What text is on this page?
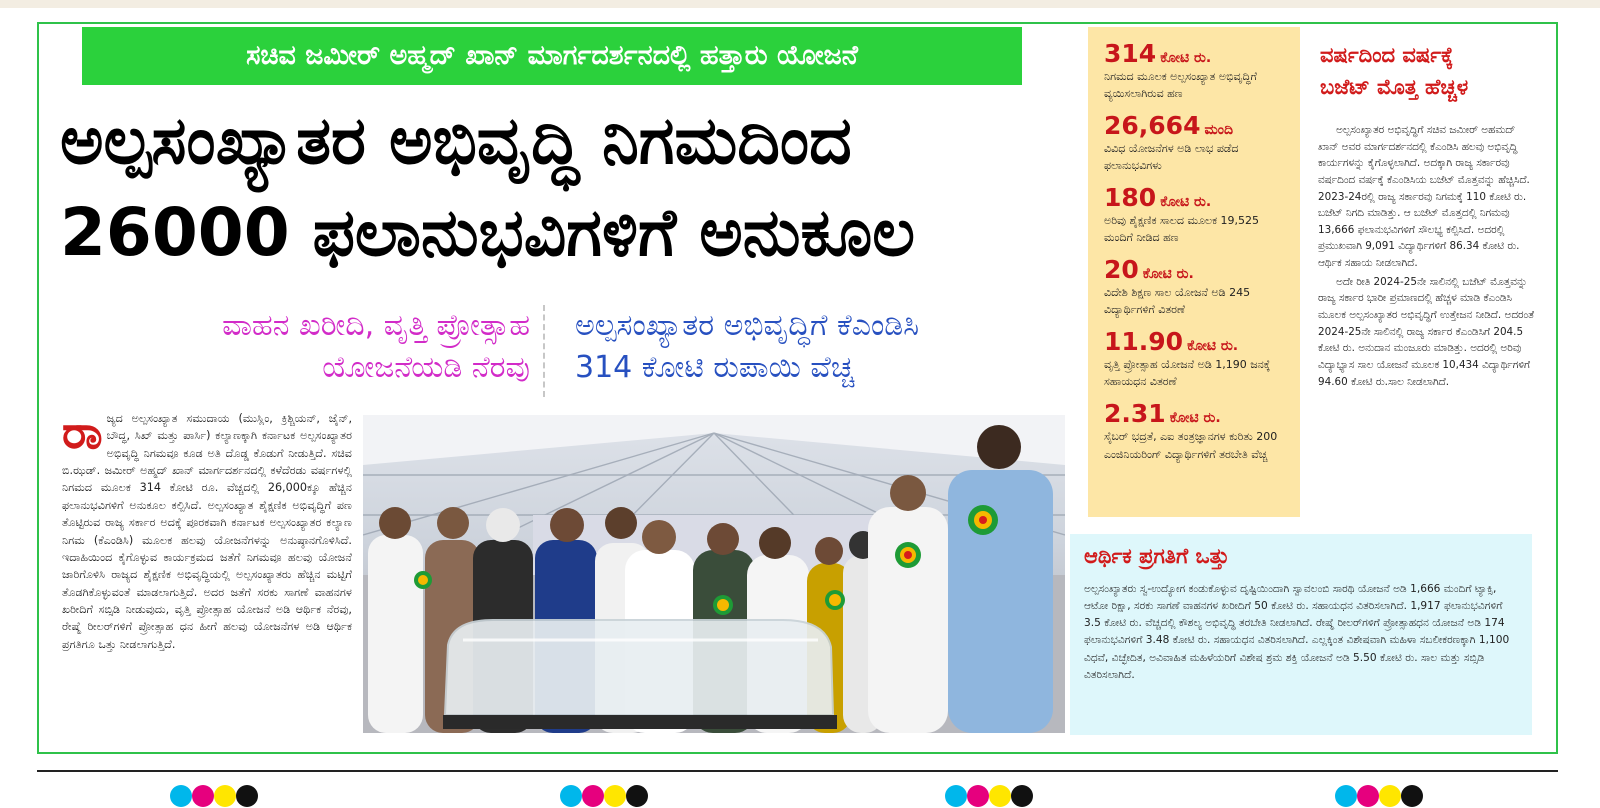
ಸಚಿವ ಜಮೀರ್ ಅಹ್ಮದ್ ಖಾನ್ ಮಾರ್ಗದರ್ಶನದಲ್ಲಿ ಹತ್ತಾರು ಯೋಜನೆ
ಅಲ್ಪಸಂಖ್ಯಾತರ ಅಭಿವೃದ್ಧಿ ನಿಗಮದಿಂದ
26000 ಫಲಾನುಭವಿಗಳಿಗೆ ಅನುಕೂಲ
ವಾಹನ ಖರೀದಿ, ವೃತ್ತಿ ಪ್ರೋತ್ಸಾಹ
ಯೋಜನೆಯಡಿ ನೆರವು
ಅಲ್ಪಸಂಖ್ಯಾತರ ಅಭಿವೃದ್ಧಿಗೆ ಕೆಎಂಡಿಸಿ
314 ಕೋಟಿ ರುಪಾಯಿ ವೆಚ್ಚ
ರಾ ಜ್ಯದ ಅಲ್ಪಸಂಖ್ಯಾತ ಸಮುದಾಯ (ಮುಸ್ಲಿಂ, ಕ್ರಿಶ್ಚಿಯನ್, ಜೈನ್, ಬೌದ್ಧ, ಸಿಖ್ ಮತ್ತು ಪಾರ್ಸಿ) ಕಲ್ಯಾಣಕ್ಕಾಗಿ ಕರ್ನಾಟಕ ಅಲ್ಪಸಂಖ್ಯಾತರ ಅಭಿವೃದ್ಧಿ ನಿಗಮವೂ ಕೂಡ ಅತಿ ದೊಡ್ಡ ಕೊಡುಗೆ ನೀಡುತ್ತಿದೆ. ಸಚಿವ ಬಿ.ಝಡ್. ಜಮೀರ್ ಅಹ್ಮದ್ ಖಾನ್ ಮಾರ್ಗದರ್ಶನದಲ್ಲಿ ಕಳೆದೆರಡು ವರ್ಷಗಳಲ್ಲಿ ನಿಗಮದ ಮೂಲಕ 314 ಕೋಟಿ ರೂ. ವೆಚ್ಚದಲ್ಲಿ 26,000ಕ್ಕೂ ಹೆಚ್ಚಿನ ಫಲಾನುಭವಿಗಳಿಗೆ ಅನುಕೂಲ ಕಲ್ಪಿಸಿದೆ. ಅಲ್ಪಸಂಖ್ಯಾತ ಶೈಕ್ಷಣಿಕ ಅಭಿವೃದ್ಧಿಗೆ ಪಣ ತೊಟ್ಟಿರುವ ರಾಜ್ಯ ಸರ್ಕಾರ ಅದಕ್ಕೆ ಪೂರಕವಾಗಿ ಕರ್ನಾಟಕ ಅಲ್ಪಸಂಖ್ಯಾತರ ಕಲ್ಯಾಣ ನಿಗಮ (ಕೆಎಂಡಿಸಿ) ಮೂಲಕ ಹಲವು ಯೋಜನೆಗಳನ್ನು ಅನುಷ್ಠಾನಗೊಳಿಸಿದೆ. ಇದಾಹಿಯಿಂದ ಕೈಗೊಳ್ಳುವ ಕಾರ್ಯಕ್ರಮದ ಜತೆಗೆ ನಿಗಮವೂ ಹಲವು ಯೋಜನೆ ಜಾರಿಗೊಳಿಸಿ ರಾಜ್ಯದ ಶೈಕ್ಷಣಿಕ ಅಭಿವೃದ್ಧಿಯಲ್ಲಿ ಅಲ್ಪಸಂಖ್ಯಾತರು ಹೆಚ್ಚಿನ ಮಟ್ಟಿಗೆ ತೊಡಗಿಕೊಳ್ಳುವಂತೆ ಮಾಡಲಾಗುತ್ತಿದೆ. ಅದರ ಜತೆಗೆ ಸರಕು ಸಾಗಣೆ ವಾಹನಗಳ ಖರೀದಿಗೆ ಸಬ್ಸಿಡಿ ನೀಡುವುದು, ವೃತ್ತಿ ಪ್ರೋತ್ಸಾಹ ಯೋಜನೆ ಅಡಿ ಆರ್ಥಿಕ ನೆರವು, ರೇಷ್ಮೆ ರೀಲರ್‌ಗಳಿಗೆ ಪ್ರೋತ್ಸಾಹ ಧನ ಹೀಗೆ ಹಲವು ಯೋಜನೆಗಳ ಅಡಿ ಆರ್ಥಿಕ ಪ್ರಗತಿಗೂ ಒತ್ತು ನೀಡಲಾಗುತ್ತಿದೆ.
314 ಕೋಟಿ ರು.
ನಿಗಮದ ಮೂಲಕ ಅಲ್ಪಸಂಖ್ಯಾತ ಅಭಿವೃದ್ಧಿಗೆ ವ್ಯಯಿಸಲಾಗಿರುವ ಹಣ
26,664 ಮಂದಿ
ವಿವಿಧ ಯೋಜನೆಗಳ ಅಡಿ ಲಾಭ ಪಡೆದ ಫಲಾನುಭವಿಗಳು
180 ಕೋಟಿ ರು.
ಅರಿವು ಶೈಕ್ಷಣಿಕ ಸಾಲದ ಮೂಲಕ 19,525 ಮಂದಿಗೆ ನೀಡಿದ ಹಣ
20 ಕೋಟಿ ರು.
ವಿದೇಶಿ ಶಿಕ್ಷಣ ಸಾಲ ಯೋಜನೆ ಅಡಿ 245 ವಿದ್ಯಾರ್ಥಿಗಳಿಗೆ ವಿತರಣೆ
11.90 ಕೋಟಿ ರು.
ವೃತ್ತಿ ಪ್ರೋತ್ಸಾಹ ಯೋಜನೆ ಅಡಿ 1,190 ಜನಕ್ಕೆ ಸಹಾಯಧನ ವಿತರಣೆ
2.31 ಕೋಟಿ ರು.
ಸೈಬರ್ ಭದ್ರತೆ, ಎಐ ತಂತ್ರಜ್ಞಾನಗಳ ಕುರಿತು 200 ಎಂಜಿನಿಯರಿಂಗ್ ವಿದ್ಯಾರ್ಥಿಗಳಿಗೆ ತರಬೇತಿ ವೆಚ್ಚ
ವರ್ಷದಿಂದ ವರ್ಷಕ್ಕೆ
ಬಜೆಟ್ ಮೊತ್ತ ಹೆಚ್ಚಳ

ಅಲ್ಪಸಂಖ್ಯಾತರ ಅಭಿವೃದ್ಧಿಗೆ ಸಚಿವ ಜಮೀರ್ ಅಹಮದ್ ಖಾನ್ ಅವರ ಮಾರ್ಗದರ್ಶನದಲ್ಲಿ ಕೆಎಂಡಿಸಿ ಹಲವು ಅಭಿವೃದ್ಧಿ ಕಾರ್ಯಗಳನ್ನು ಕೈಗೊಳ್ಳಲಾಗಿದೆ. ಅದಕ್ಕಾಗಿ ರಾಜ್ಯ ಸರ್ಕಾರವು ವರ್ಷದಿಂದ ವರ್ಷಕ್ಕೆ ಕೆಎಂಡಿಸಿಯ ಬಜೆಟ್ ಮೊತ್ತವನ್ನು ಹೆಚ್ಚಿಸಿದೆ. 2023-24ರಲ್ಲಿ ರಾಜ್ಯ ಸರ್ಕಾರವು ನಿಗಮಕ್ಕೆ 110 ಕೋಟಿ ರು. ಬಜೆಟ್ ನಿಗದಿ ಮಾಡಿತ್ತು. ಆ ಬಜೆಟ್ ಮೊತ್ತದಲ್ಲಿ ನಿಗಮವು 13,666 ಫಲಾನುಭವಿಗಳಿಗೆ ಸೌಲಭ್ಯ ಕಲ್ಪಿಸಿದೆ. ಅದರಲ್ಲಿ ಪ್ರಮುಖವಾಗಿ 9,091 ವಿದ್ಯಾರ್ಥಿಗಳಿಗೆ 86.34 ಕೋಟಿ ರು. ಆರ್ಥಿಕ ಸಹಾಯ ನೀಡಲಾಗಿದೆ.

ಅದೇ ರೀತಿ 2024-25ನೇ ಸಾಲಿನಲ್ಲಿ ಬಜೆಟ್ ಮೊತ್ತವನ್ನು ರಾಜ್ಯ ಸರ್ಕಾರ ಭಾರೀ ಪ್ರಮಾಣದಲ್ಲಿ ಹೆಚ್ಚಳ ಮಾಡಿ ಕೆಎಂಡಿಸಿ ಮೂಲಕ ಅಲ್ಪಸಂಖ್ಯಾತರ ಅಭಿವೃದ್ಧಿಗೆ ಉತ್ತೇಜನ ನೀಡಿದೆ. ಅದರಂತೆ 2024-25ನೇ ಸಾಲಿನಲ್ಲಿ ರಾಜ್ಯ ಸರ್ಕಾರ ಕೆಎಂಡಿಸಿಗೆ 204.5 ಕೋಟಿ ರು. ಅನುದಾನ ಮಂಜೂರು ಮಾಡಿತ್ತು. ಅದರಲ್ಲಿ ಅರಿವು ವಿದ್ಯಾಭ್ಯಾಸ ಸಾಲ ಯೋಜನೆ ಮೂಲಕ 10,434 ವಿದ್ಯಾರ್ಥಿಗಳಿಗೆ 94.60 ಕೋಟಿ ರು.ಸಾಲ ನೀಡಲಾಗಿದೆ.

ಆರ್ಥಿಕ ಪ್ರಗತಿಗೆ ಒತ್ತು
ಅಲ್ಪಸಂಖ್ಯಾತರು ಸ್ವ-ಉದ್ಯೋಗ ಕಂಡುಕೊಳ್ಳುವ ದೃಷ್ಟಿಯಿಂದಾಗಿ ಸ್ವಾವಲಂಬಿ ಸಾರಥಿ ಯೋಜನೆ ಅಡಿ 1,666 ಮಂದಿಗೆ ಟ್ಯಾಕ್ಸಿ, ಆಟೋ ರಿಕ್ಷಾ, ಸರಕು ಸಾಗಣೆ ವಾಹನಗಳ ಖರೀದಿಗೆ 50 ಕೋಟಿ ರು. ಸಹಾಯಧನ ವಿತರಿಸಲಾಗಿದೆ. 1,917 ಫಲಾನುಭವಿಗಳಿಗೆ 3.5 ಕೋಟಿ ರು. ವೆಚ್ಚದಲ್ಲಿ ಕೌಶಲ್ಯ ಅಭಿವೃದ್ಧಿ ತರಬೇತಿ ನೀಡಲಾಗಿದೆ. ರೇಷ್ಮೆ ರೀಲರ್‌ಗಳಿಗೆ ಪ್ರೋತ್ಸಾಹಧನ ಯೋಜನೆ ಅಡಿ 174 ಫಲಾನುಭವಿಗಳಿಗೆ 3.48 ಕೋಟಿ ರು. ಸಹಾಯಧನ ವಿತರಿಸಲಾಗಿದೆ. ಎಲ್ಲಕ್ಕಿಂತ ವಿಶೇಷವಾಗಿ ಮಹಿಳಾ ಸಬಲೀಕರಣಕ್ಕಾಗಿ 1,100 ವಿಧವೆ, ವಿಚ್ಛೇದಿತ, ಅವಿವಾಹಿತ ಮಹಿಳೆಯರಿಗೆ ವಿಶೇಷ ಶ್ರಮ ಶಕ್ತಿ ಯೋಜನೆ ಅಡಿ 5.50 ಕೋಟಿ ರು. ಸಾಲ ಮತ್ತು ಸಬ್ಸಿಡಿ ವಿತರಿಸಲಾಗಿದೆ.
